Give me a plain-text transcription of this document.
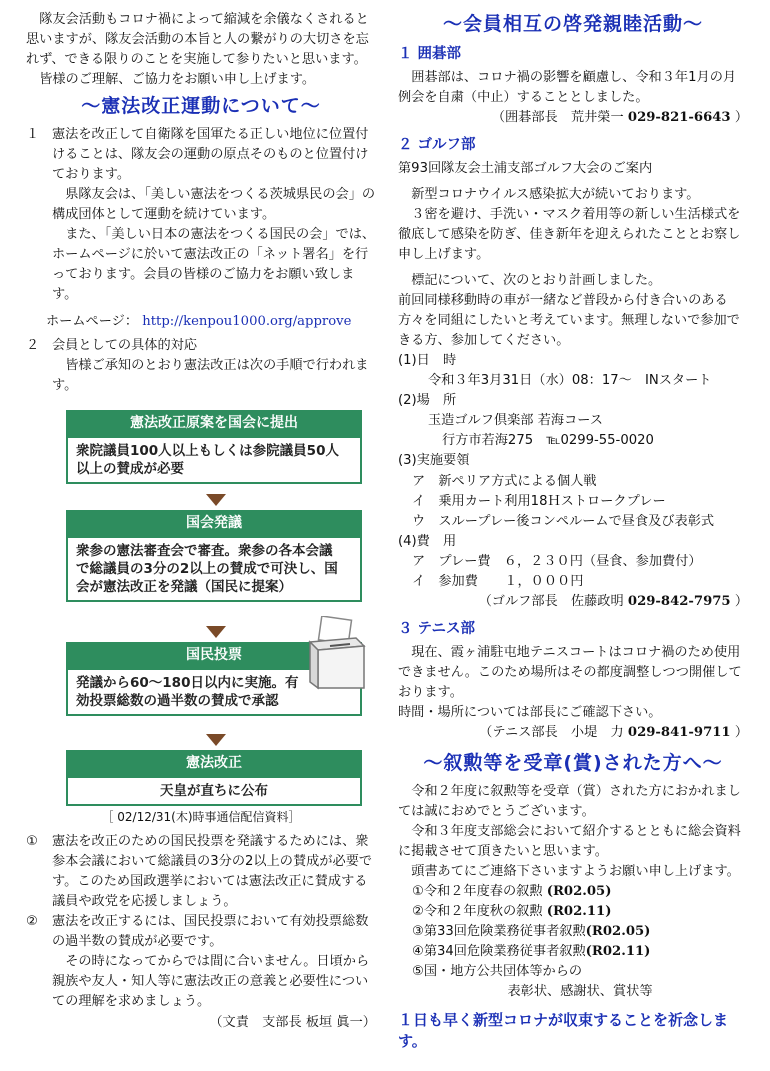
隊友会活動もコロナ禍によって縮減を余儀なくされると思いますが、隊友会活動の本旨と人の繋がりの大切さを忘れず、できる限りのことを実施して参りたいと思います。

皆様のご理解、ご協力をお願い申し上げます。

～憲法改正運動について～
１ 憲法を改正して自衛隊を国軍たる正しい地位に位置付けることは、隊友会の運動の原点そのものと位置付けております。

県隊友会は、「美しい憲法をつくる茨城県民の会」の構成団体として運動を続けています。

また、「美しい日本の憲法をつくる国民の会」では、ホームページに於いて憲法改正の「ネット署名」を行っております。会員の皆様のご協力をお願い致します。

ホームページ： http://kenpou1000.org/approve

２ 会員としての具体的対応

皆様ご承知のとおり憲法改正は次の手順で行われます。

憲法改正原案を国会に提出
衆院議員100人以上もしくは参院議員50人以上の賛成が必要
国会発議
衆参の憲法審査会で審査。衆参の各本会議で総議員の3分の2以上の賛成で可決し、国会が憲法改正を発議（国民に提案）
国民投票
発議から60～180日以内に実施。有効投票総数の過半数の賛成で承認
憲法改正
天皇が直ちに公布
［ 02/12/31(木)時事通信配信資料］
①	憲法を改正のための国民投票を発議するためには、衆参本会議において総議員の3分の2以上の賛成が必要です。このため国政選挙においては憲法改正に賛成する議員や政党を応援しましょう。

②	憲法を改正するには、国民投票において有効投票総数の過半数の賛成が必要です。

その時になってからでは間に合いません。日頃から親族や友人・知人等に憲法改正の意義と必要性についての理解を求めましょう。

（文責　支部長 板垣 眞一）

～会員相互の啓発親睦活動～
１ 囲碁部

囲碁部は、コロナ禍の影響を顧慮し、令和３年1月の月例会を自粛（中止）することとしました。

（囲碁部長　荒井榮一 029-821-6643 ）

２ ゴルフ部

第93回隊友会土浦支部ゴルフ大会のご案内

新型コロナウイルス感染拡大が続いております。

３密を避け、手洗い・マスク着用等の新しい生活様式を徹底して感染を防ぎ、佳き新年を迎えられたこととお察し申し上げます。

標記について、次のとおり計画しました。

前回同様移動時の車が一緒など普段から付き合いのある方々を同組にしたいと考えています。無理しないで参加できる方、参加してください。

(1)日　時

令和３年3月31日（水）08：17～　INスタート

(2)場　所

玉造ゴルフ倶楽部 若海コース

行方市若海275　℡0299-55-0020

(3)実施要領

ア　新ペリア方式による個人戦

イ　乗用カート利用18Ｈストロークプレー

ウ　スループレー後コンペルームで昼食及び表彰式

(4)費　用

ア　プレー費　６，２３０円（昼食、参加費付）

イ　参加費　　１，０００円

（ゴルフ部長　佐藤政明 029-842-7975 ）

３ テニス部

現在、霞ヶ浦駐屯地テニスコートはコロナ禍のため使用できません。このため場所はその都度調整しつつ開催しております。

時間・場所については部長にご確認下さい。

（テニス部長　小堤　力 029-841-9711 ）

～叙勲等を受章(賞)された方へ～

令和２年度に叙勲等を受章（賞）された方におかれましては誠におめでとうございます。

令和３年度支部総会において紹介するとともに総会資料に掲載させて頂きたいと思います。

頭書あてにご連絡下さいますようお願い申し上げます。

①令和２年度春の叙勲 (R02.05)

②令和２年度秋の叙勲 (R02.11)

③第33回危険業務従事者叙勲(R02.05)

④第34回危険業務従事者叙勲(R02.11)

⑤国・地方公共団体等からの

表彰状、感謝状、賞状等

１日も早く新型コロナが収束することを祈念します。
